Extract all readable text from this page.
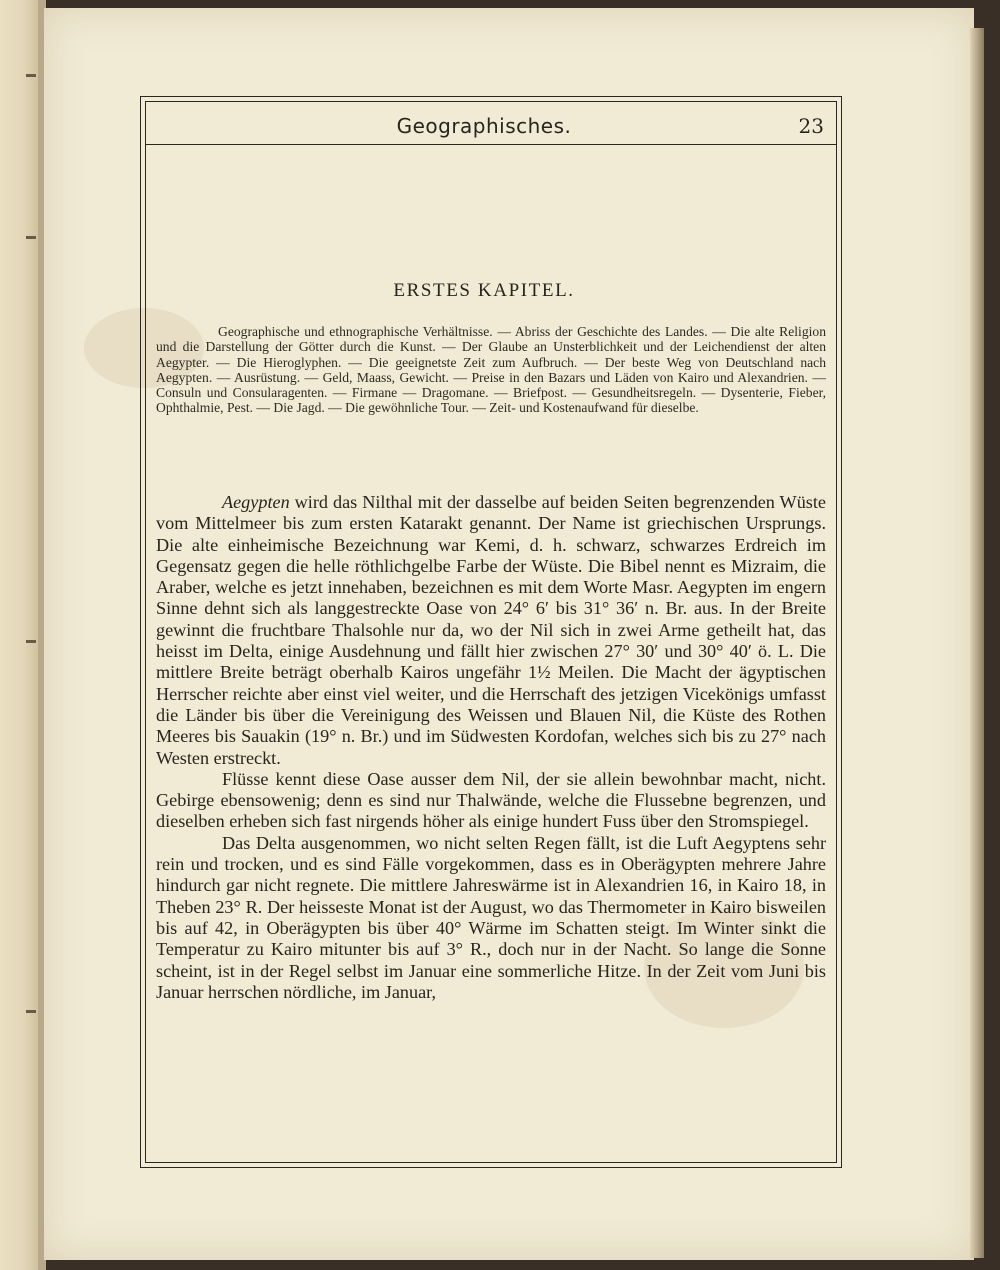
Geographisches.	23
ERSTES KAPITEL.

Geographische und ethnographische Verhältnisse. — Abriss der Geschichte des Landes. — Die alte Religion und die Darstellung der Götter durch die Kunst. — Der Glaube an Unsterblichkeit und der Leichendienst der alten Aegypter. — Die Hieroglyphen. — Die geeignetste Zeit zum Aufbruch. — Der beste Weg von Deutschland nach Aegypten. — Ausrüstung. — Geld, Maass, Gewicht. — Preise in den Bazars und Läden von Kairo und Alexandrien. — Consuln und Consularagenten. — Firmane — Dragomane. — Briefpost. — Gesundheitsregeln. — Dysenterie, Fieber, Ophthalmie, Pest. — Die Jagd. — Die gewöhnliche Tour. — Zeit- und Kostenaufwand für dieselbe.

Aegypten wird das Nilthal mit der dasselbe auf beiden Seiten begrenzenden Wüste vom Mittelmeer bis zum ersten Katarakt genannt. Der Name ist griechischen Ursprungs. Die alte einheimische Bezeichnung war Kemi, d. h. schwarz, schwarzes Erdreich im Gegensatz gegen die helle röthlichgelbe Farbe der Wüste. Die Bibel nennt es Mizraim, die Araber, welche es jetzt innehaben, bezeichnen es mit dem Worte Masr. Aegypten im engern Sinne dehnt sich als langgestreckte Oase von 24° 6′ bis 31° 36′ n. Br. aus. In der Breite gewinnt die fruchtbare Thalsohle nur da, wo der Nil sich in zwei Arme getheilt hat, das heisst im Delta, einige Ausdehnung und fällt hier zwischen 27° 30′ und 30° 40′ ö. L. Die mittlere Breite beträgt oberhalb Kairos ungefähr 1½ Meilen. Die Macht der ägyptischen Herrscher reichte aber einst viel weiter, und die Herrschaft des jetzigen Vicekönigs umfasst die Länder bis über die Vereinigung des Weissen und Blauen Nil, die Küste des Rothen Meeres bis Sauakin (19° n. Br.) und im Südwesten Kordofan, welches sich bis zu 27° nach Westen erstreckt.

Flüsse kennt diese Oase ausser dem Nil, der sie allein bewohnbar macht, nicht. Gebirge ebensowenig; denn es sind nur Thalwände, welche die Flussebne begrenzen, und dieselben erheben sich fast nirgends höher als einige hundert Fuss über den Stromspiegel.

Das Delta ausgenommen, wo nicht selten Regen fällt, ist die Luft Aegyptens sehr rein und trocken, und es sind Fälle vorgekommen, dass es in Oberägypten mehrere Jahre hindurch gar nicht regnete. Die mittlere Jahreswärme ist in Alexandrien 16, in Kairo 18, in Theben 23° R. Der heisseste Monat ist der August, wo das Thermometer in Kairo bisweilen bis auf 42, in Oberägypten bis über 40° Wärme im Schatten steigt. Im Winter sinkt die Temperatur zu Kairo mitunter bis auf 3° R., doch nur in der Nacht. So lange die Sonne scheint, ist in der Regel selbst im Januar eine sommerliche Hitze. In der Zeit vom Juni bis Januar herrschen nördliche, im Januar,
